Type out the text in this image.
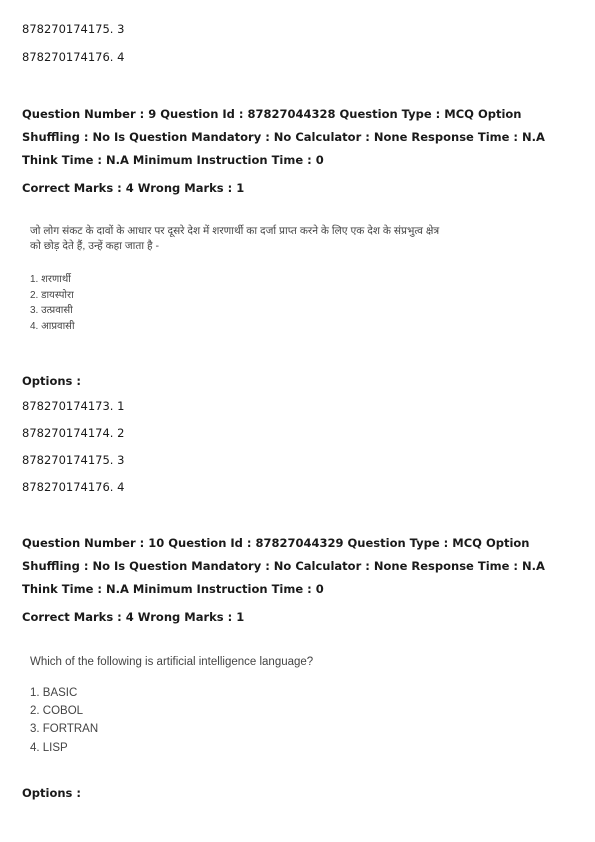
878270174175. 3
878270174176. 4
Question Number : 9 Question Id : 87827044328 Question Type : MCQ Option Shuffling : No Is Question Mandatory : No Calculator : None Response Time : N.A Think Time : N.A Minimum Instruction Time : 0
Correct Marks : 4 Wrong Marks : 1
जो लोग संकट के दावों के आधार पर दूसरे देश में शरणार्थी का दर्जा प्राप्त करने के लिए एक देश के संप्रभुत्व क्षेत्र को छोड़ देते हैं, उन्हें कहा जाता है -
1. शरणार्थी
2. डायस्पोरा
3. उत्प्रवासी
4. आप्रवासी
Options :
878270174173. 1
878270174174. 2
878270174175. 3
878270174176. 4
Question Number : 10 Question Id : 87827044329 Question Type : MCQ Option Shuffling : No Is Question Mandatory : No Calculator : None Response Time : N.A Think Time : N.A Minimum Instruction Time : 0
Correct Marks : 4 Wrong Marks : 1
Which of the following is artificial intelligence language?
1. BASIC
2. COBOL
3. FORTRAN
4. LISP
Options :
